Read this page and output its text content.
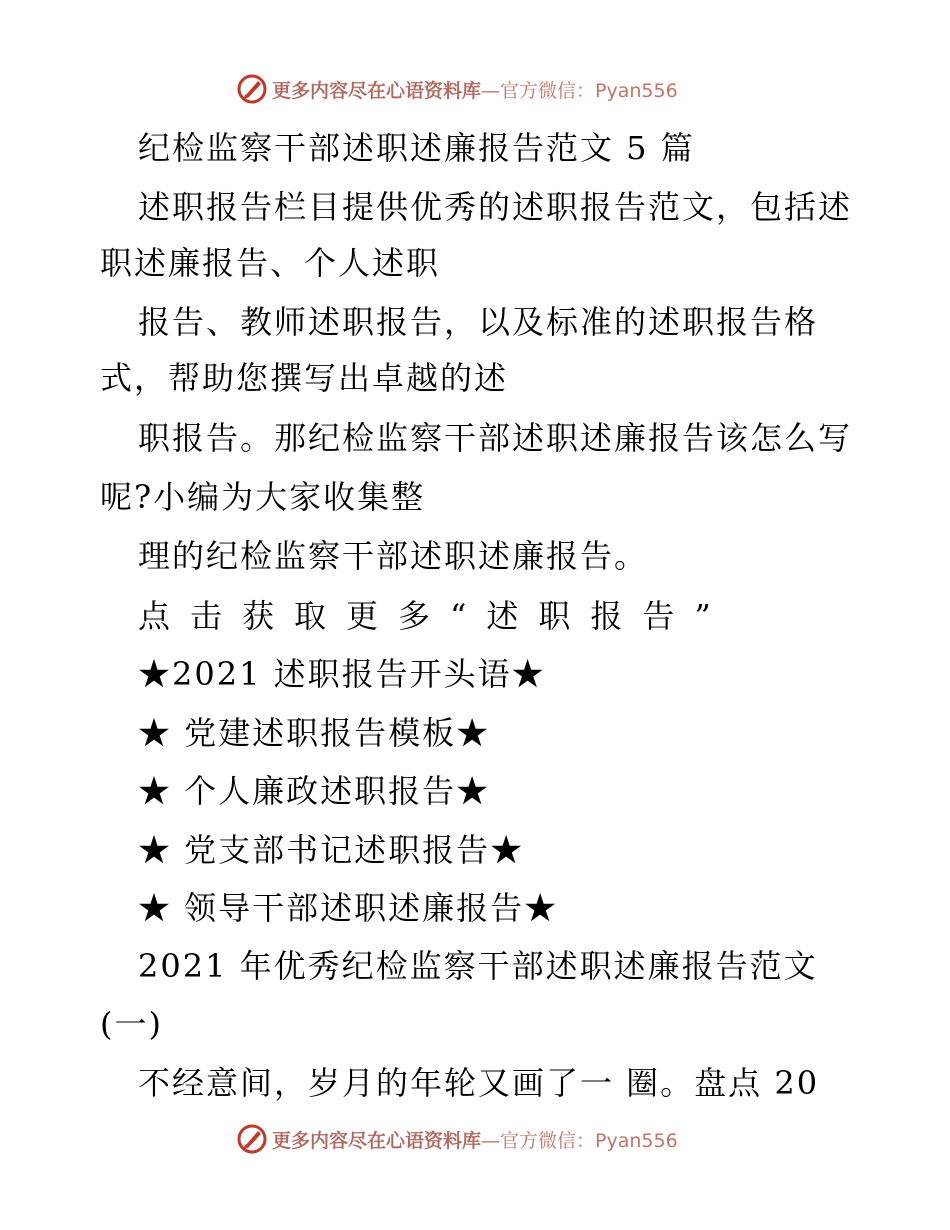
更多内容尽在心语资料库 —官方微信：Pyan556
纪检监察干部述职述廉报告范文 5 篇
述职报告栏目提供优秀的述职报告范文，包括述
职述廉报告、个人述职
报告、教师述职报告，以及标准的述职报告格
式，帮助您撰写出卓越的述
职报告。那纪检监察干部述职述廉报告该怎么写
呢?小编为大家收集整
理的纪检监察干部述职述廉报告。
点击获取更多“述职报告”
★2021 述职报告开头语★
★ 党建述职报告模板★
★ 个人廉政述职报告★
★ 党支部书记述职报告★
★ 领导干部述职述廉报告★
2021 年优秀纪检监察干部述职述廉报告范文
(一)
不经意间，岁月的年轮又画了一 圈。盘点 20
更多内容尽在心语资料库 —官方微信：Pyan556
